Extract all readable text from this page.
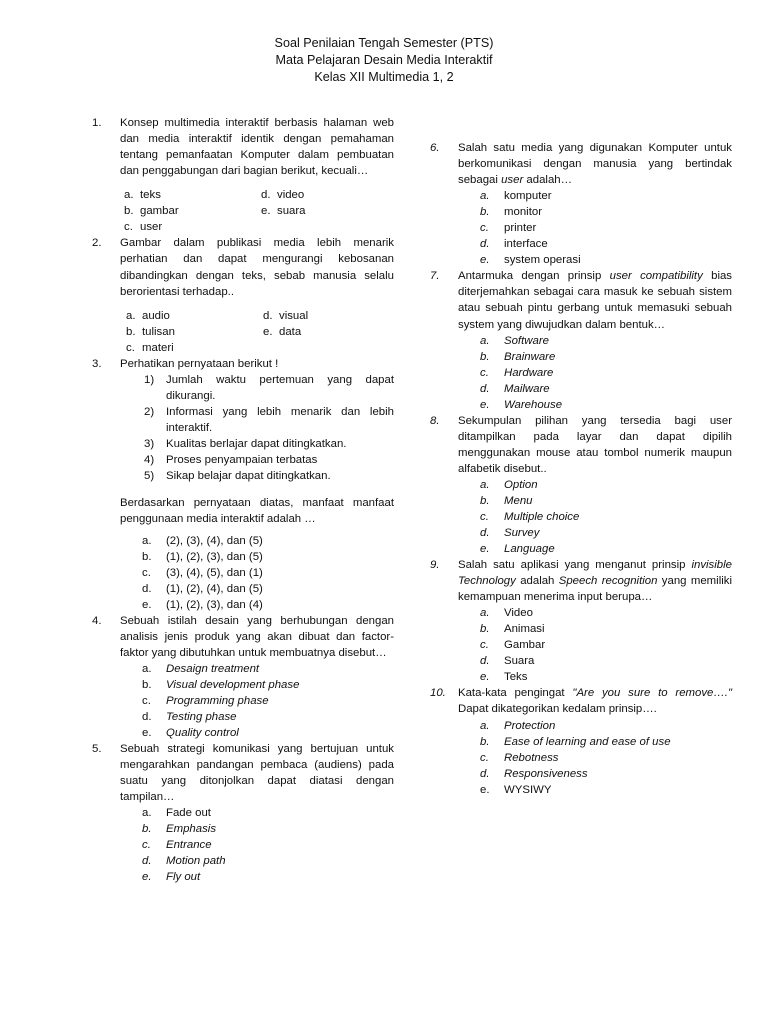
Soal Penilaian Tengah Semester (PTS)
Mata Pelajaran Desain Media Interaktif
Kelas XII Multimedia 1, 2
1. Konsep multimedia interaktif berbasis halaman web dan media interaktif identik dengan pemahaman tentang pemanfaatan Komputer dalam pembuatan dan penggabungan dari bagian berikut, kecuali…
a. teks	d. video
b. gambar	e. suara
c. user
2. Gambar dalam publikasi media lebih menarik perhatian dan dapat mengurangi kebosanan dibandingkan dengan teks, sebab manusia selalu berorientasi terhadap..
a. audio	d. visual
b. tulisan	e. data
c. materi
3. Perhatikan pernyataan berikut !
1)	Jumlah waktu pertemuan yang dapat dikurangi.
2)	Informasi yang lebih menarik dan lebih interaktif.
3)	Kualitas berlajar dapat ditingkatkan.
4)	Proses penyampaian terbatas
5)	Sikap belajar dapat ditingkatkan.
Berdasarkan pernyataan diatas, manfaat manfaat penggunaan media interaktif adalah …
a.	(2), (3), (4), dan (5)
b.	(1), (2), (3), dan (5)
c.	(3), (4), (5), dan (1)
d.	(1), (2), (4), dan (5)
e.	(1), (2), (3), dan (4)
4. Sebuah istilah desain yang berhubungan dengan analisis jenis produk yang akan dibuat dan factor-faktor yang dibutuhkan untuk membuatnya disebut…
a.	Desaign treatment
b.	Visual development phase
c.	Programming phase
d.	Testing phase
e.	Quality control
5. Sebuah strategi komunikasi yang bertujuan untuk mengarahkan pandangan pembaca (audiens) pada suatu yang ditonjolkan dapat diatasi dengan tampilan…
a.	Fade out
b.	Emphasis
c.	Entrance
d.	Motion path
e.	Fly out
6. Salah satu media yang digunakan Komputer untuk berkomunikasi dengan manusia yang bertindak sebagai user adalah…
a.	komputer
b.	monitor
c.	printer
d.	interface
e.	system operasi
7. Antarmuka dengan prinsip user compatibility bias diterjemahkan sebagai cara masuk ke sebuah sistem atau sebuah pintu gerbang untuk memasuki sebuah system yang diwujudkan dalam bentuk…
a.	Software
b.	Brainware
c.	Hardware
d.	Mailware
e.	Warehouse
8. Sekumpulan pilihan yang tersedia bagi user ditampilkan pada layar dan dapat dipilih menggunakan mouse atau tombol numerik maupun alfabetik disebut..
a.	Option
b.	Menu
c.	Multiple choice
d.	Survey
e.	Language
9. Salah satu aplikasi yang menganut prinsip invisible Technology adalah Speech recognition yang memiliki kemampuan menerima input berupa…
a.	Video
b.	Animasi
c.	Gambar
d.	Suara
e.	Teks
10. Kata-kata pengingat "Are you sure to remove…." Dapat dikategorikan kedalam prinsip….
a.	Protection
b.	Ease of learning and ease of use
c.	Rebotness
d.	Responsiveness
e.	WYSIWY
